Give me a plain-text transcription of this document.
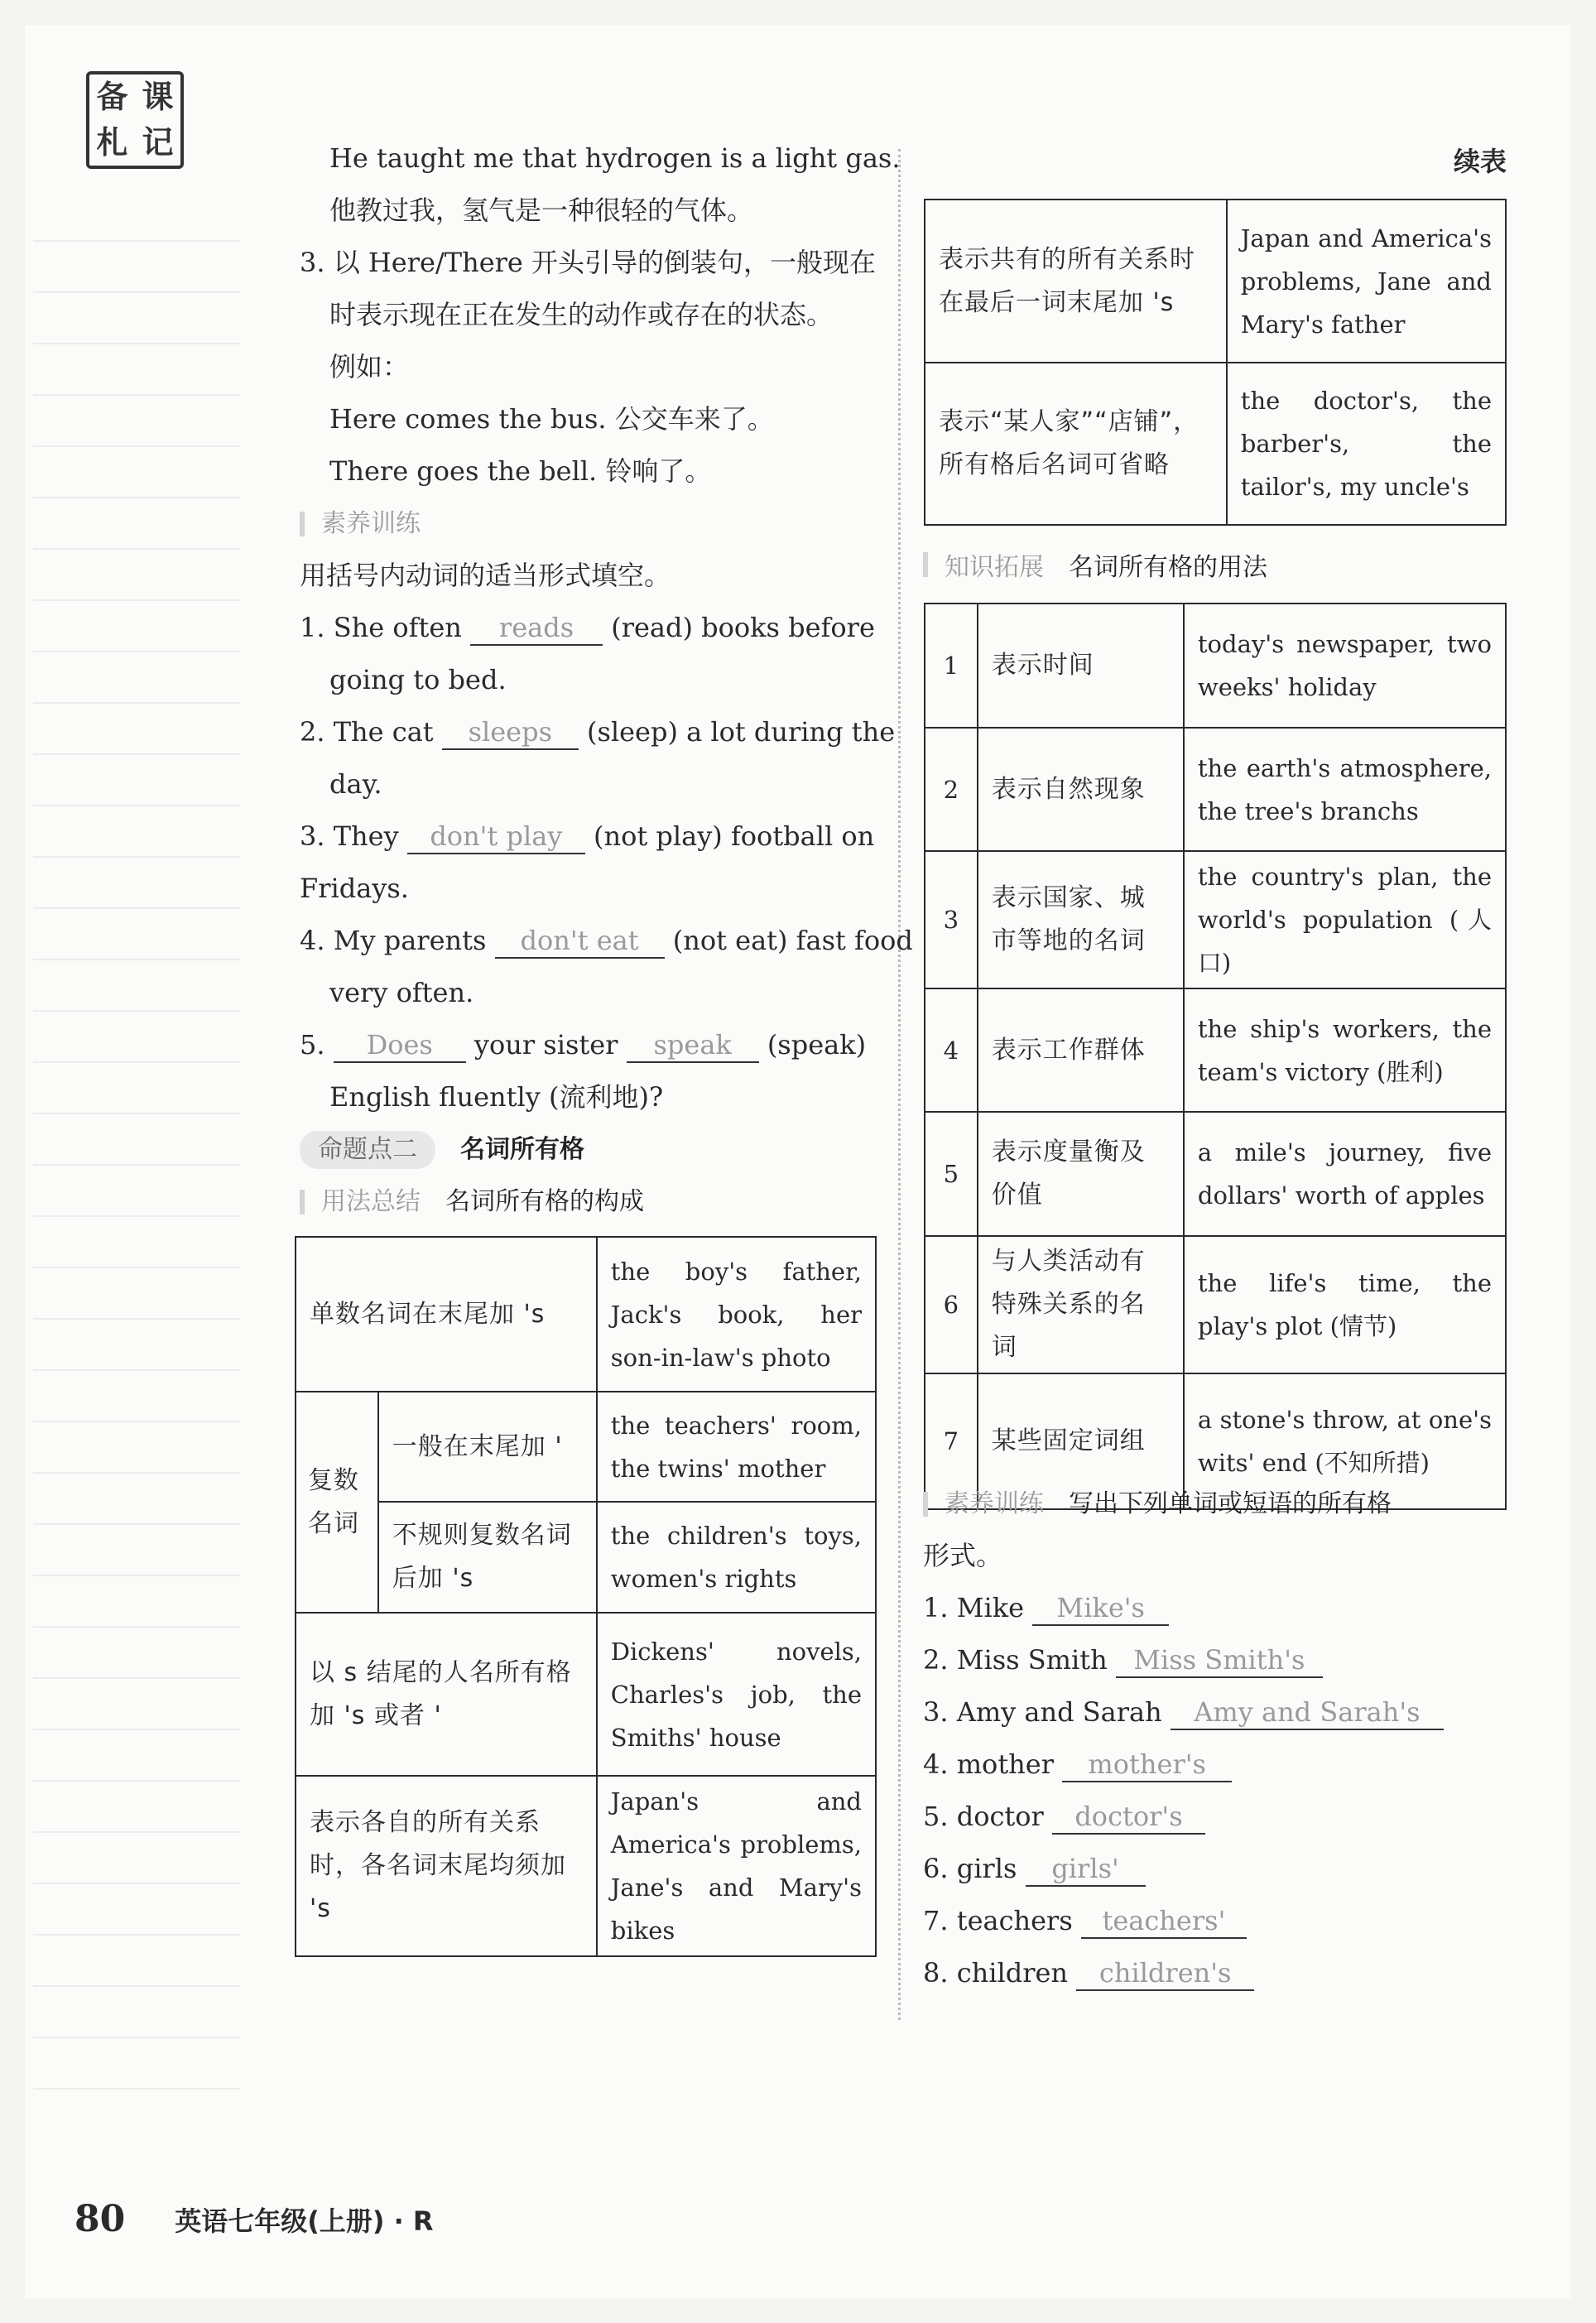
备 课
札 记	He taught me that hydrogen is a light gas.
他教过我，氢气是一种很轻的气体。
3. 以 Here/There 开头引导的倒装句，一般现在
时表示现在正在发生的动作或存在的状态。
例如：
Here comes the bus. 公交车来了。
There goes the bell. 铃响了。
素养训练
用括号内动词的适当形式填空。
1. She often reads (read) books before
going to bed.
2. The cat sleeps (sleep) a lot during the
day.
3. They don't play (not play) football on
Fridays.
4. My parents don't eat (not eat) fast food
very often.
5. Does your sister speak (speak)
English fluently (流利地)?
命题点二	名词所有格
用法总结 名词所有格的构成
单数名词在末尾加 's		the boy's father, Jack's book, her son-in-law's photo
复数名词	一般在末尾加 '	the teachers' room, the twins' mother
	不规则复数名词后加 's	the children's toys, women's rights
以 s 结尾的人名所有格加 's 或者 '		Dickens' novels, Charles's job, the Smiths' house
表示各自的所有关系时，各名词末尾均须加 's		Japan's and America's problems, Jane's and Mary's bikes
续表
表示共有的所有关系时在最后一词末尾加 's	Japan and America's problems, Jane and Mary's father
表示“某人家”“店铺”，所有格后名词可省略	the doctor's, the barber's, the tailor's, my uncle's
知识拓展 名词所有格的用法
1	表示时间	today's newspaper, two weeks' holiday
2	表示自然现象	the earth's atmosphere, the tree's branchs
3	表示国家、城市等地的名词	the country's plan, the world's population (人口)
4	表示工作群体	the ship's workers, the team's victory (胜利)
5	表示度量衡及价值	a mile's journey, five dollars' worth of apples
6	与人类活动有特殊关系的名词	the life's time, the play's plot (情节)
7	某些固定词组	a stone's throw, at one's wits' end (不知所措)
素养训练 写出下列单词或短语的所有格
形式。
1. Mike Mike's
2. Miss Smith Miss Smith's
3. Amy and Sarah Amy and Sarah's
4. mother mother's
5. doctor doctor's
6. girls girls'
7. teachers teachers'
8. children children's
80 英语七年级(上册) · R
